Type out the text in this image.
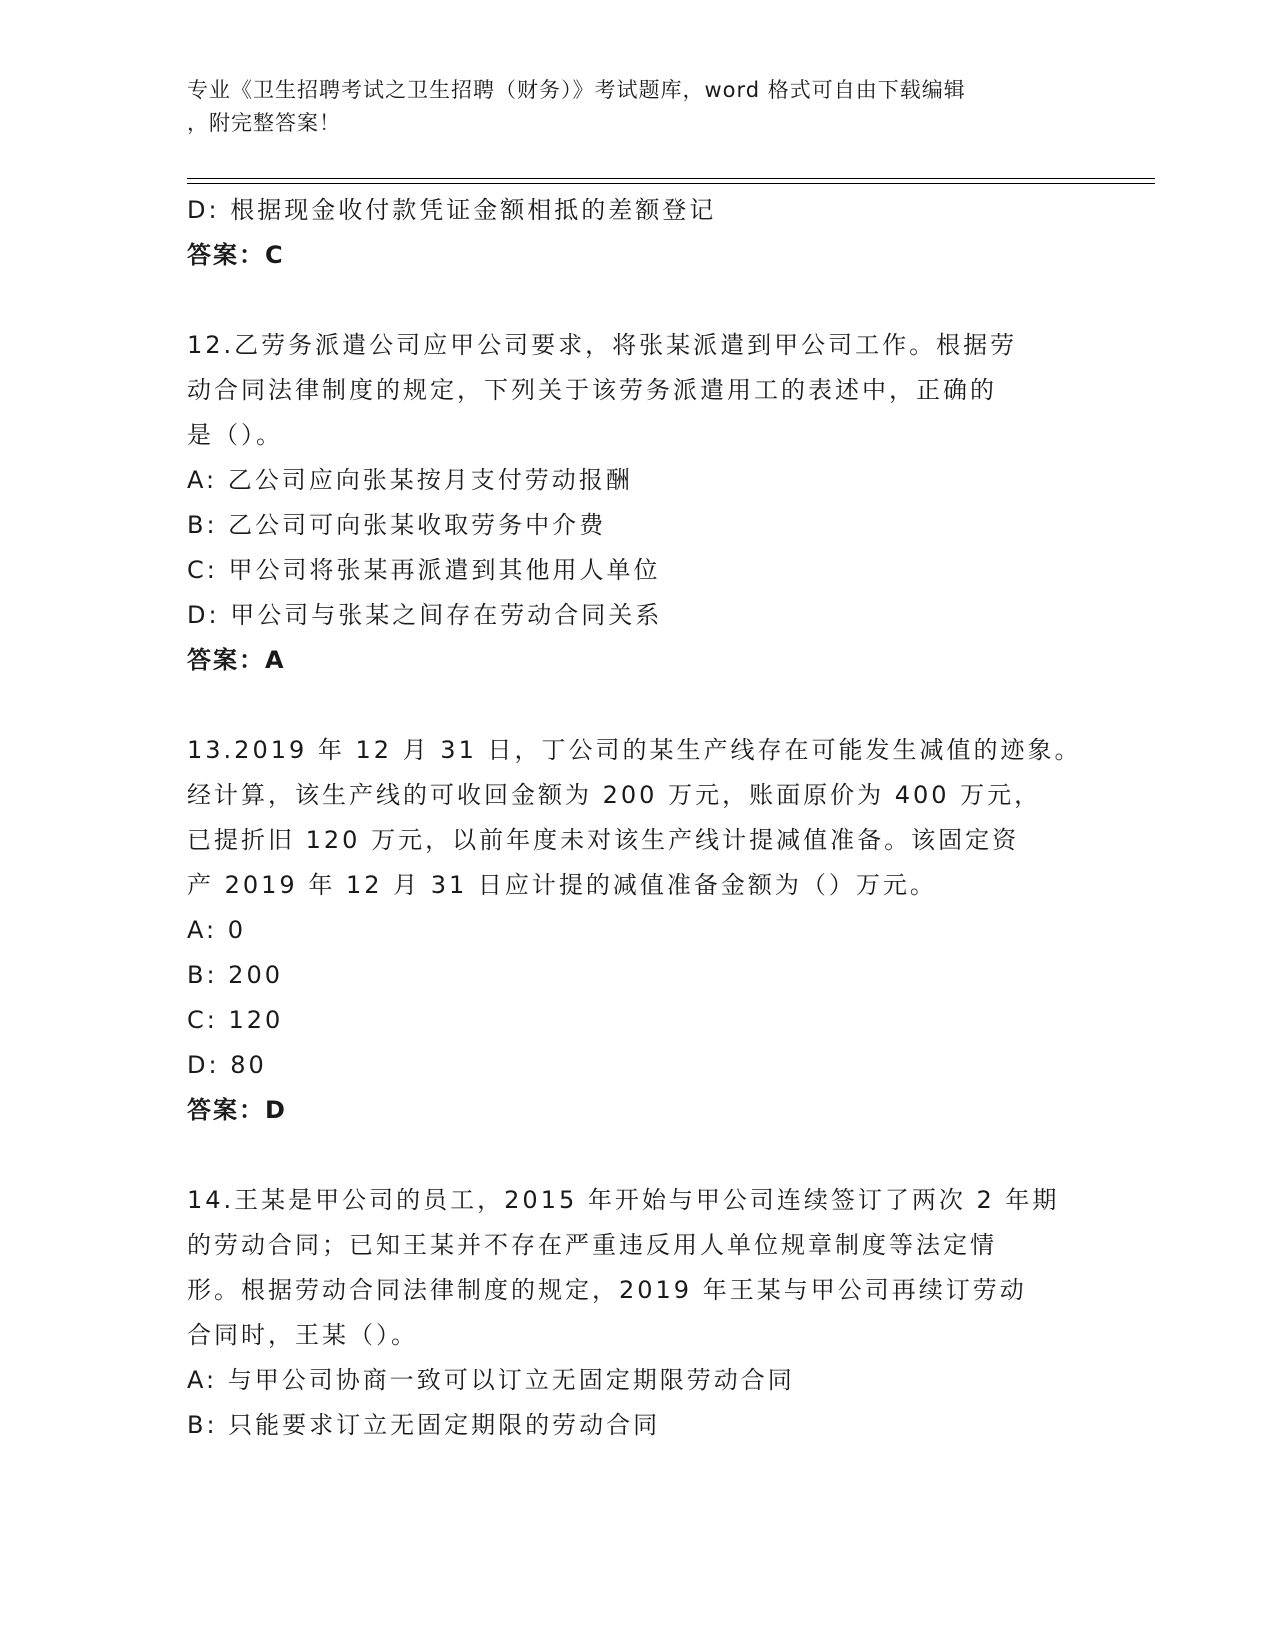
专业《卫生招聘考试之卫生招聘（财务）》考试题库，word 格式可自由下载编辑
，附完整答案！
D: 根据现金收付款凭证金额相抵的差额登记
答案：C
12.乙劳务派遣公司应甲公司要求，将张某派遣到甲公司工作。根据劳
动合同法律制度的规定，下列关于该劳务派遣用工的表述中，正确的
是（）。
A: 乙公司应向张某按月支付劳动报酬
B: 乙公司可向张某收取劳务中介费
C: 甲公司将张某再派遣到其他用人单位
D: 甲公司与张某之间存在劳动合同关系
答案：A
13.2019 年 12 月 31 日，丁公司的某生产线存在可能发生减值的迹象。
经计算，该生产线的可收回金额为 200 万元，账面原价为 400 万元，
已提折旧 120 万元，以前年度未对该生产线计提减值准备。该固定资
产 2019 年 12 月 31 日应计提的减值准备金额为（）万元。
A: 0
B: 200
C: 120
D: 80
答案：D
14.王某是甲公司的员工，2015 年开始与甲公司连续签订了两次 2 年期
的劳动合同；已知王某并不存在严重违反用人单位规章制度等法定情
形。根据劳动合同法律制度的规定，2019 年王某与甲公司再续订劳动
合同时，王某（）。
A: 与甲公司协商一致可以订立无固定期限劳动合同
B: 只能要求订立无固定期限的劳动合同
